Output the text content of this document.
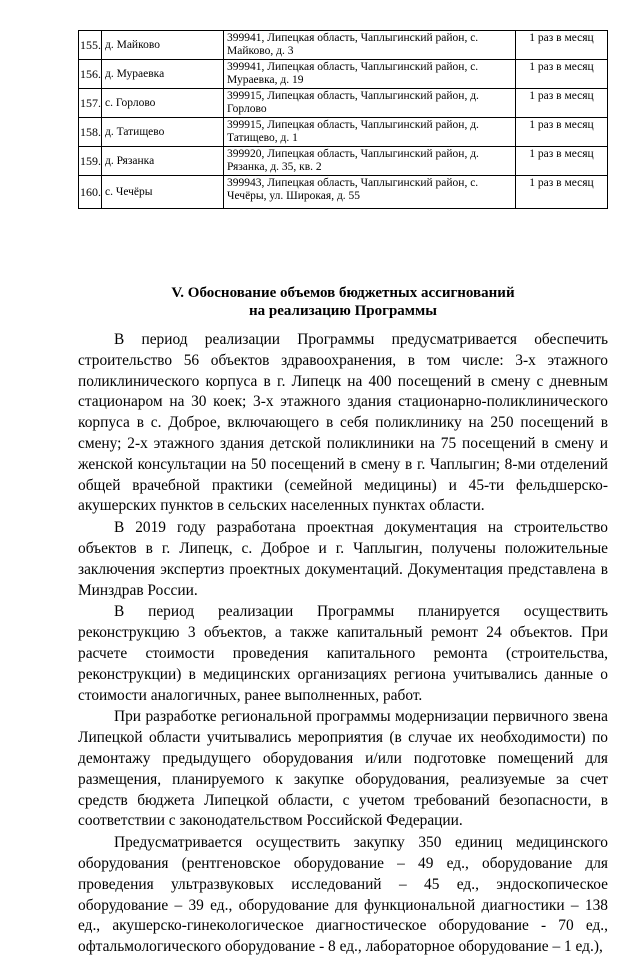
155.	д. Майково	399941, Липецкая область, Чаплыгинский район, с. Майково, д. 3	1 раз в месяц
156.	д. Мураевка	399941, Липецкая область, Чаплыгинский район, с. Мураевка, д. 19	1 раз в месяц
157.	с. Горлово	399915, Липецкая область, Чаплыгинский район, д. Горлово	1 раз в месяц
158.	д. Татищево	399915, Липецкая область, Чаплыгинский район, д. Татищево, д. 1	1 раз в месяц
159.	д. Рязанка	399920, Липецкая область, Чаплыгинский район, д. Рязанка, д. 35, кв. 2	1 раз в месяц
160.	с. Чечёры	399943, Липецкая область, Чаплыгинский район, с. Чечёры, ул. Широкая, д. 55	1 раз в месяц
V. Обоснование объемов бюджетных ассигнований
на реализацию Программы

В период реализации Программы предусматривается обеспечить строительство 56 объектов здравоохранения, в том числе: 3-х этажного поликлинического корпуса в г. Липецк на 400 посещений в смену с дневным стационаром на 30 коек; 3-х этажного здания стационарно-поликлинического корпуса в с. Доброе, включающего в себя поликлинику на 250 посещений в смену; 2-х этажного здания детской поликлиники на 75 посещений в смену и женской консультации на 50 посещений в смену в г. Чаплыгин; 8-ми отделений общей врачебной практики (семейной медицины) и 45-ти фельдшерско-акушерских пунктов в сельских населенных пунктах области.

В 2019 году разработана проектная документация на строительство объектов в г. Липецк, с. Доброе и г. Чаплыгин, получены положительные заключения экспертиз проектных документаций. Документация представлена в Минздрав России.

В период реализации Программы планируется осуществить реконструкцию 3 объектов, а также капитальный ремонт 24 объектов. При расчете стоимости проведения капитального ремонта (строительства, реконструкции) в медицинских организациях региона учитывались данные о стоимости аналогичных, ранее выполненных, работ.

При разработке региональной программы модернизации первичного звена Липецкой области учитывались мероприятия (в случае их необходимости) по демонтажу предыдущего оборудования и/или подготовке помещений для размещения, планируемого к закупке оборудования, реализуемые за счет средств бюджета Липецкой области, с учетом требований безопасности, в соответствии с законодательством Российской Федерации.

Предусматривается осуществить закупку 350 единиц медицинского оборудования (рентгеновское оборудование – 49 ед., оборудование для проведения ультразвуковых исследований – 45 ед., эндоскопическое оборудование – 39 ед., оборудование для функциональной диагностики – 138 ед., акушерско-гинекологическое диагностическое оборудование - 70 ед., офтальмологического оборудование - 8 ед., лабораторное оборудование – 1 ед.),
